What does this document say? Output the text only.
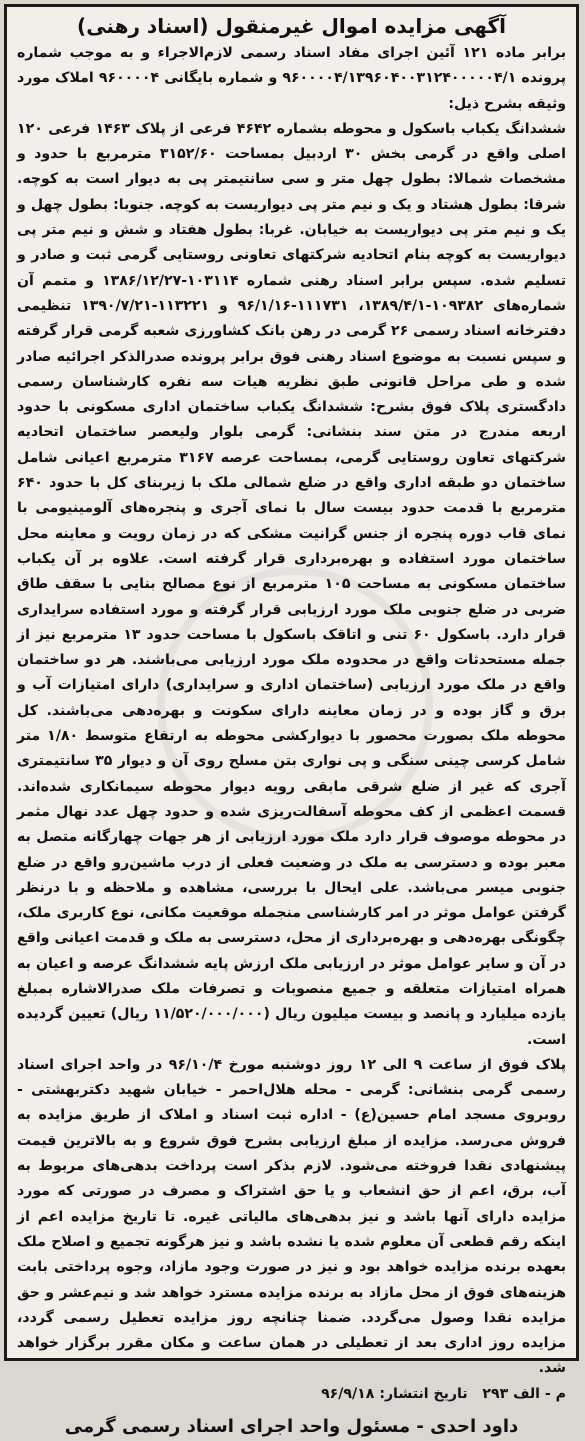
آگهی مزایده اموال غیرمنقول (اسناد رهنی)

برابر ماده ۱۲۱ آئین اجرای مفاد اسناد رسمی لازم‌الاجراء و به موجب شماره پرونده ۹۶۰۰۰۰۴/۱۳۹۶۰۴۰۰۳۱۲۴۰۰۰۰۰۴/۱ و شماره بایگانی ۹۶۰۰۰۰۴ املاک مورد وثیقه بشرح ذیل:

ششدانگ یکباب باسکول و محوطه بشماره ۴۶۴۲ فرعی از پلاک ۱۴۶۳ فرعی ۱۲۰ اصلی واقع در گرمی بخش ۳۰ اردبیل بمساحت ۳۱۵۲/۶۰ مترمربع با حدود و مشخصات شمالا: بطول چهل متر و سی سانتیمتر پی به دیوار است به کوچه. شرقا: بطول هشتاد و یک و نیم متر پی دیواریست به کوچه. جنوبا: بطول چهل و یک و نیم متر پی دیواریست به خیابان. غربا: بطول هفتاد و شش و نیم متر پی دیواریست به کوچه بنام اتحادیه شرکتهای تعاونی روستایی گرمی ثبت و صادر و تسلیم شده. سپس برابر اسناد رهنی شماره ۱۰۳۱۱۴-۱۳۸۶/۱۲/۲۷ و متمم آن شماره‌های ۱۰۹۳۸۲-۱۳۸۹/۴/۱، ۱۱۱۷۳۱-۹۶/۱/۱۶ و ۱۱۳۲۲۱-۱۳۹۰/۷/۲۱ تنظیمی دفترخانه اسناد رسمی ۲۶ گرمی در رهن بانک کشاورزی شعبه گرمی قرار گرفته و سپس نسبت به موضوع اسناد رهنی فوق برابر پرونده صدرالذکر اجرائیه صادر شده و طی مراحل قانونی طبق نظریه هیات سه نفره کارشناسان رسمی دادگستری پلاک فوق بشرح: ششدانگ یکباب ساختمان اداری مسکونی با حدود اربعه مندرج در متن سند بنشانی: گرمی بلوار ولیعصر ساختمان اتحادیه شرکتهای تعاون روستایی گرمی، بمساحت عرصه ۳۱۶۷ مترمربع اعیانی شامل ساختمان دو طبقه اداری واقع در ضلع شمالی ملک با زیربنای کل با حدود ۶۴۰ مترمربع با قدمت حدود بیست سال با نمای آجری و پنجره‌های آلومینیومی با نمای قاب دوره پنجره از جنس گرانیت مشکی که در زمان رویت و معاینه محل ساختمان مورد استفاده و بهره‌برداری قرار گرفته است. علاوه بر آن یکباب ساختمان مسکونی به مساحت ۱۰۵ مترمربع از نوع مصالح بنایی با سقف طاق ضربی در ضلع جنوبی ملک مورد ارزیابی قرار گرفته و مورد استفاده سرایداری قرار دارد. باسکول ۶۰ تنی و اتاقک باسکول با مساحت حدود ۱۳ مترمربع نیز از جمله مستحدثات واقع در محدوده ملک مورد ارزیابی می‌باشند. هر دو ساختمان واقع در ملک مورد ارزیابی (ساختمان اداری و سرایداری) دارای امتیازات آب و برق و گاز بوده و در زمان معاینه دارای سکونت و بهره‌دهی می‌باشند. کل محوطه ملک بصورت محصور با دیوارکشی محوطه به ارتفاع متوسط ۱/۸۰ متر شامل کرسی چینی سنگی و پی نواری بتن مسلح روی آن و دیوار ۳۵ سانتیمتری آجری که غیر از ضلع شرقی مابقی رویه دیوار محوطه سیمانکاری شده‌اند. قسمت اعظمی از کف محوطه آسفالت‌ریزی شده و حدود چهل عدد نهال مثمر در محوطه موصوف قرار دارد ملک مورد ارزیابی از هر جهات چهارگانه متصل به معبر بوده و دسترسی به ملک در وضعیت فعلی از درب ماشین‌رو واقع در ضلع جنوبی میسر می‌باشد. علی ایحال با بررسی، مشاهده و ملاحظه و با درنظر گرفتن عوامل موثر در امر کارشناسی منجمله موقعیت مکانی، نوع کاربری ملک، چگونگی بهره‌دهی و بهره‌برداری از محل، دسترسی به ملک و قدمت اعیانی واقع در آن و سایر عوامل موثر در ارزیابی ملک ارزش پایه ششدانگ عرصه و اعیان به همراه امتیازات متعلقه و جمیع منصوبات و تصرفات ملک صدرالاشاره بمبلغ یازده میلیارد و پانصد و بیست میلیون ریال (۱۱/۵۲۰/۰۰۰/۰۰۰ ریال) تعیین گردیده است.

پلاک فوق از ساعت ۹ الی ۱۲ روز دوشنبه مورخ ۹۶/۱۰/۴ در واحد اجرای اسناد رسمی گرمی بنشانی: گرمی - محله هلال‌احمر - خیابان شهید دکتربهشتی - روبروی مسجد امام حسین(ع) - اداره ثبت اسناد و املاک از طریق مزایده به فروش می‌رسد. مزایده از مبلغ ارزیابی بشرح فوق شروع و به بالاترین قیمت پیشنهادی نقدا فروخته می‌شود. لازم بذکر است پرداخت بدهی‌های مربوط به آب، برق، اعم از حق انشعاب و یا حق اشتراک و مصرف در صورتی که مورد مزایده دارای آنها باشد و نیز بدهی‌های مالیاتی غیره. تا تاریخ مزایده اعم از اینکه رقم قطعی آن معلوم شده یا نشده باشد و نیز هرگونه تجمیع و اصلاح ملک بعهده برنده مزایده خواهد بود و نیز در صورت وجود مازاد، وجوه پرداختی بابت هزینه‌های فوق از محل مازاد به برنده مزایده مسترد خواهد شد و نیم‌عشر و حق مزایده نقدا وصول می‌گردد. ضمنا چنانچه روز مزایده تعطیل رسمی گردد، مزایده روز اداری بعد از تعطیلی در همان ساعت و مکان مقرر برگزار خواهد شد.

م - الف ۲۹۳   تاریخ انتشار: ۹۶/۹/۱۸
داود احدی - مسئول واحد اجرای اسناد رسمی گرمی
